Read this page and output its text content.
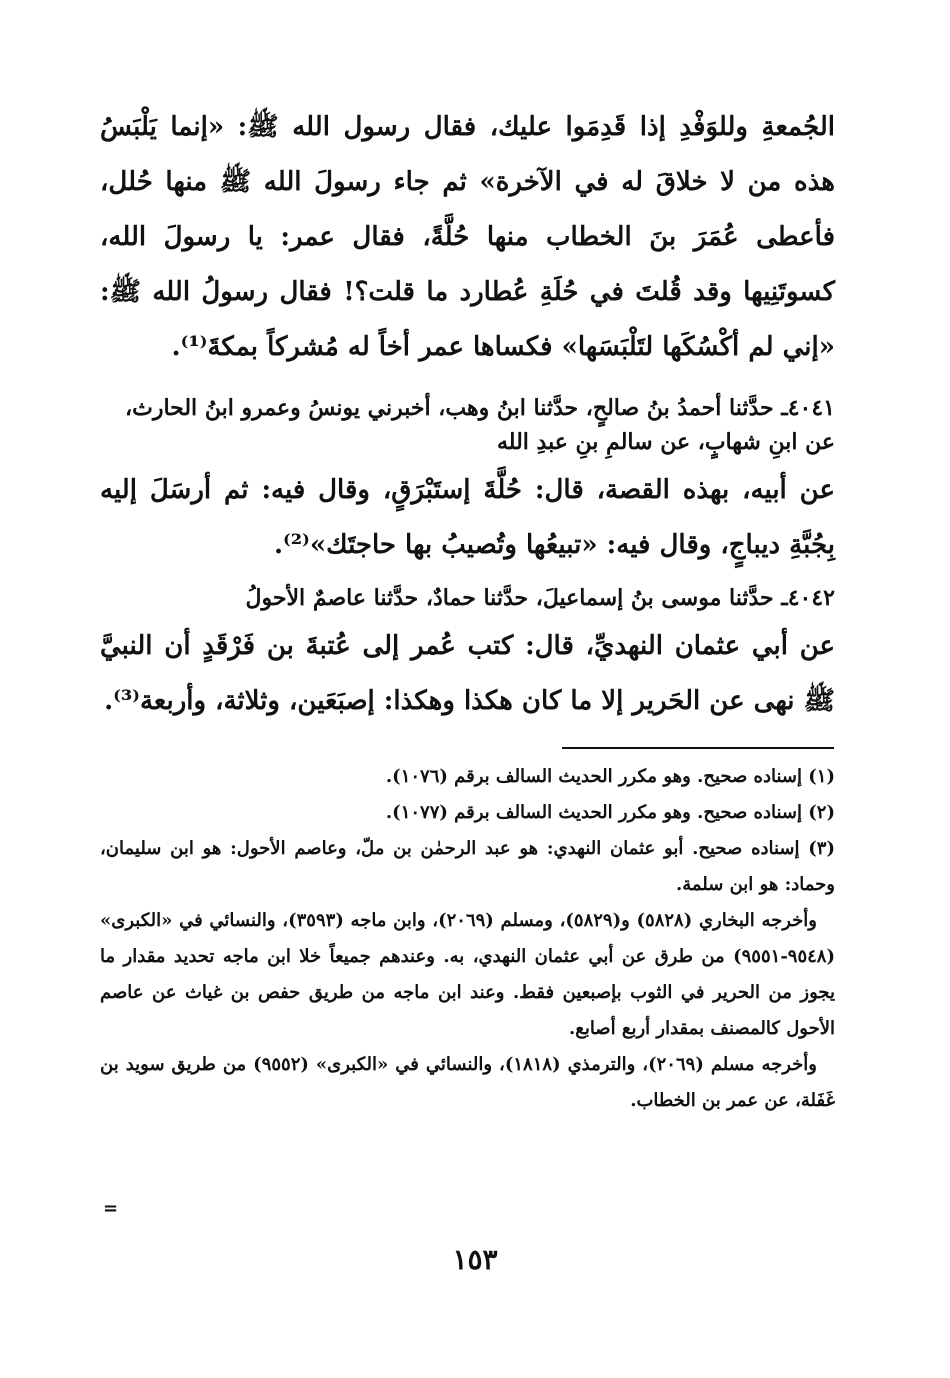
الجُمعةِ وللوَفْدِ إذا قَدِمَوا عليك، فقال رسول الله ﷺ: «إنما يَلْبَسُ هذه من لا خلاقَ له في الآخرة» ثم جاء رسولَ الله ﷺ منها حُلل، فأعطى عُمَرَ بنَ الخطاب منها حُلَّةً، فقال عمر: يا رسولَ الله، كسوتَنِيها وقد قُلتَ في حُلَةِ عُطارد ما قلت؟! فقال رسولُ الله ﷺ: «إني لم أكْسُكَها لتَلْبَسَها» فكساها عمر أخاً له مُشركاً بمكةَ⁽¹⁾.

٤٠٤١ـ حدَّثنا أحمدُ بنُ صالحٍ، حدَّثنا ابنُ وهب، أخبرني يونسُ وعمرو ابنُ الحارث، عن ابنِ شهابٍ، عن سالمِ بنِ عبدِ الله

عن أبيه، بهذه القصة، قال: حُلَّةَ إستَبْرَقٍ، وقال فيه: ثم أرسَلَ إليه بِجُبَّةِ ديباجٍ، وقال فيه: «تبيعُها وتُصيبُ بها حاجتَك»⁽²⁾.

٤٠٤٢ـ حدَّثنا موسى بنُ إسماعيلَ، حدَّثنا حمادٌ، حدَّثنا عاصمٌ الأحولُ

عن أبي عثمان النهديِّ، قال: كتب عُمر إلى عُتبةَ بن فَرْقَدٍ أن النبيَّ ﷺ نهى عن الحَرير إلا ما كان هكذا وهكذا: إصبَعَين، وثلاثة، وأربعة⁽³⁾.

(١) إسناده صحيح. وهو مكرر الحديث السالف برقم (١٠٧٦).

(٢) إسناده صحيح. وهو مكرر الحديث السالف برقم (١٠٧٧).

(٣) إسناده صحيح. أبو عثمان النهدي: هو عبد الرحمٰن بن ملّ، وعاصم الأحول: هو ابن سليمان، وحماد: هو ابن سلمة.

وأخرجه البخاري (٥٨٢٨) و(٥٨٢٩)، ومسلم (٢٠٦٩)، وابن ماجه (٣٥٩٣)، والنسائي في «الكبرى» (٩٥٤٨-٩٥٥١) من طرق عن أبي عثمان النهدي، به. وعندهم جميعاً خلا ابن ماجه تحديد مقدار ما يجوز من الحرير في الثوب بإصبعين فقط. وعند ابن ماجه من طريق حفص بن غياث عن عاصم الأحول كالمصنف بمقدار أربع أصابع.

وأخرجه مسلم (٢٠٦٩)، والترمذي (١٨١٨)، والنسائي في «الكبرى» (٩٥٥٢) من طريق سويد بن غَفَلة، عن عمر بن الخطاب.

=
١٥٣
